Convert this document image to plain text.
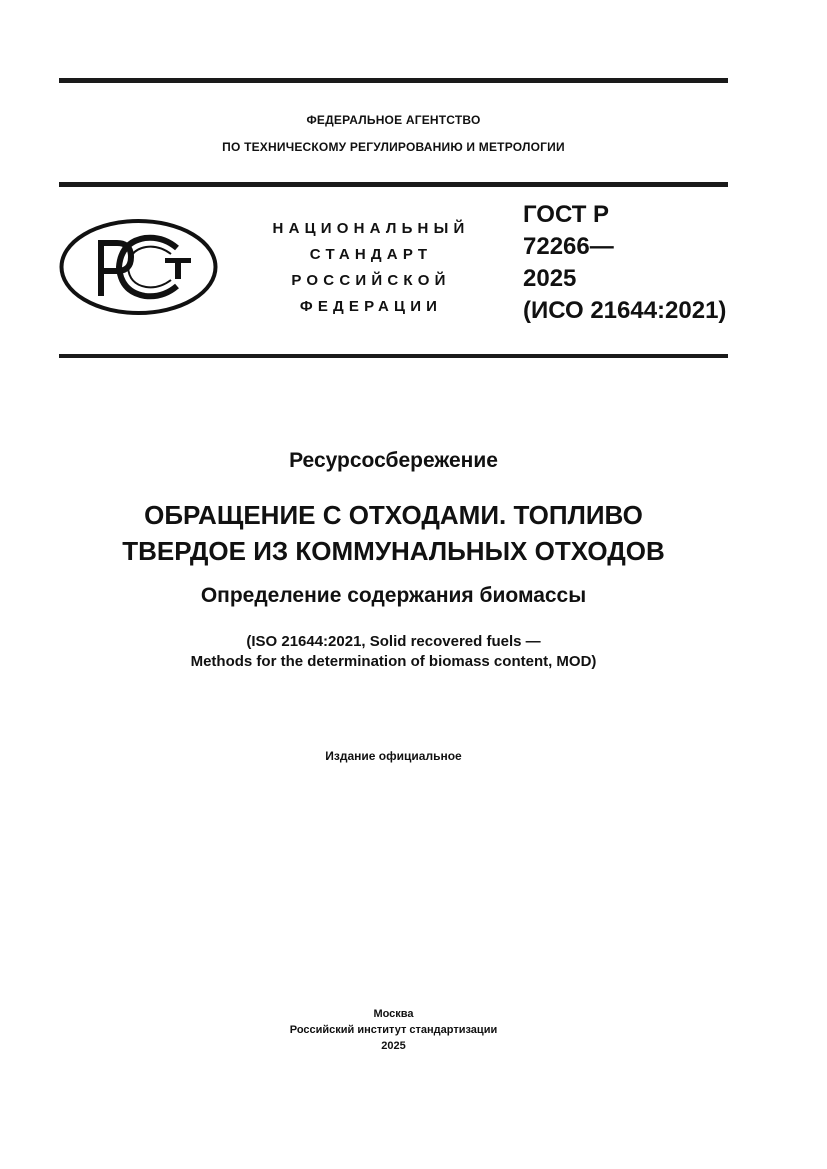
ФЕДЕРАЛЬНОЕ АГЕНТСТВО
ПО ТЕХНИЧЕСКОМУ РЕГУЛИРОВАНИЮ И МЕТРОЛОГИИ
РСТ
НАЦИОНАЛЬНЫЙ
СТАНДАРТ
РОССИЙСКОЙ
ФЕДЕРАЦИИ
ГОСТ Р
72266—
2025
(ИСО 21644:2021)
Ресурсосбережение
ОБРАЩЕНИЕ С ОТХОДАМИ. ТОПЛИВО
ТВЕРДОЕ ИЗ КОММУНАЛЬНЫХ ОТХОДОВ
Определение содержания биомассы
(ISO 21644:2021, Solid recovered fuels —
Methods for the determination of biomass content, MOD)
Издание официальное
Москва
Российский институт стандартизации
2025
